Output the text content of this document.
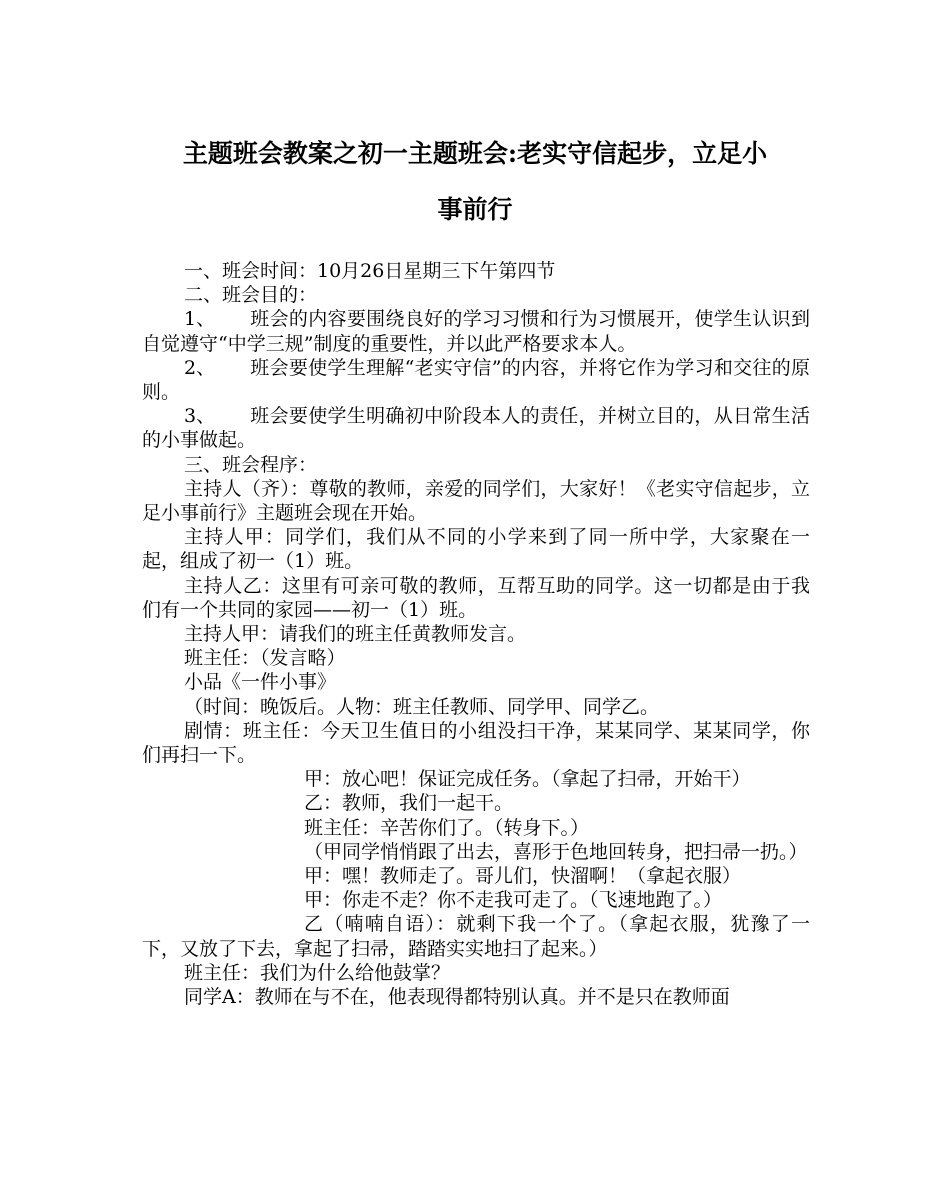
主题班会教案之初一主题班会:老实守信起步，立足小
事前行

一、班会时间：10月26日星期三下午第四节

二、班会目的：

1、 班会的内容要围绕良好的学习习惯和行为习惯展开，使学生认识到自觉遵守“中学三规”制度的重要性，并以此严格要求本人。

2、 班会要使学生理解“老实守信”的内容，并将它作为学习和交往的原则。

3、 班会要使学生明确初中阶段本人的责任，并树立目的，从日常生活的小事做起。

三、班会程序：

主持人（齐）：尊敬的教师，亲爱的同学们，大家好！《老实守信起步，立足小事前行》主题班会现在开始。

主持人甲：同学们，我们从不同的小学来到了同一所中学，大家聚在一起，组成了初一（1）班。

主持人乙：这里有可亲可敬的教师，互帮互助的同学。这一切都是由于我们有一个共同的家园——初一（1）班。

主持人甲：请我们的班主任黄教师发言。

班主任：（发言略）

小品《一件小事》

（时间：晚饭后。人物：班主任教师、同学甲、同学乙。

剧情：班主任：今天卫生值日的小组没扫干净，某某同学、某某同学，你们再扫一下。

甲：放心吧！保证完成任务。（拿起了扫帚，开始干）

乙：教师，我们一起干。

班主任：辛苦你们了。（转身下。）

（甲同学悄悄跟了出去，喜形于色地回转身，把扫帚一扔。）

甲：嘿！教师走了。哥儿们，快溜啊！（拿起衣服）

甲：你走不走？你不走我可走了。（飞速地跑了。）

乙（喃喃自语）：就剩下我一个了。（拿起衣服，犹豫了一下，又放了下去，拿起了扫帚，踏踏实实地扫了起来。）

班主任：我们为什么给他鼓掌？

同学A：教师在与不在，他表现得都特别认真。并不是只在教师面
